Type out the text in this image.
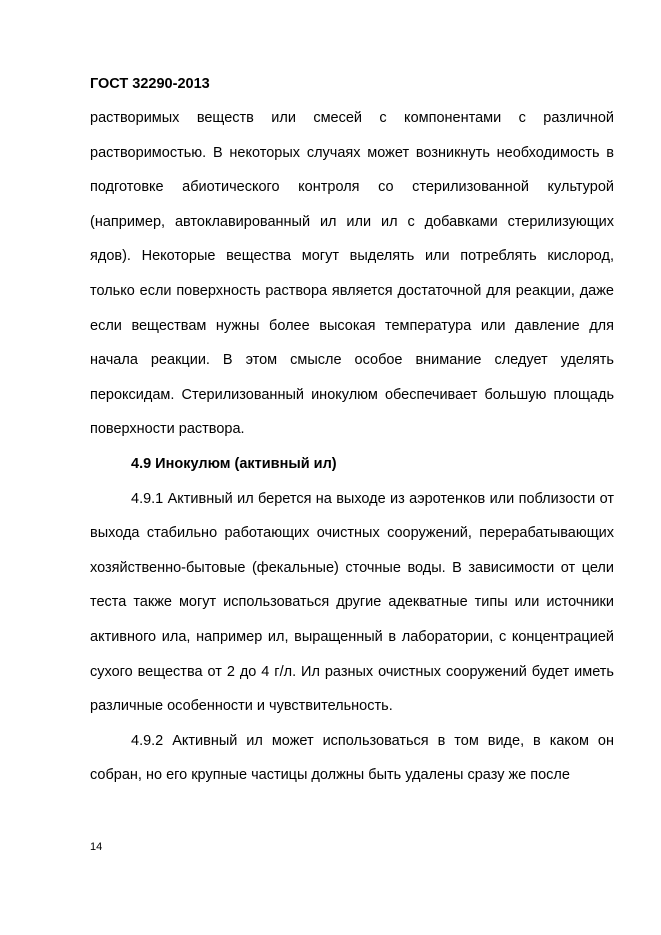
ГОСТ 32290-2013

растворимых веществ или смесей с компонентами с различной растворимостью. В некоторых случаях может возникнуть необходимость в подготовке абиотического контроля со стерилизованной культурой (например, автоклавированный ил или ил с добавками стерилизующих ядов). Некоторые вещества могут выделять или потреблять кислород, только если поверхность раствора является достаточной для реакции, даже если веществам нужны более высокая температура или давление для начала реакции. В этом смысле особое внимание следует уделять пероксидам. Стерилизованный инокулюм обеспечивает большую площадь поверхности раствора.

4.9 Инокулюм (активный ил)

4.9.1 Активный ил берется на выходе из аэротенков или поблизости от выхода стабильно работающих очистных сооружений, перерабатывающих хозяйственно-бытовые (фекальные) сточные воды. В зависимости от цели теста также могут использоваться другие адекватные типы или источники активного ила, например ил, выращенный в лаборатории, с концентрацией сухого вещества от 2 до 4 г/л. Ил разных очистных сооружений будет иметь различные особенности и чувствительность.

4.9.2 Активный ил может использоваться в том виде, в каком он собран, но его крупные частицы должны быть удалены сразу же после

14
